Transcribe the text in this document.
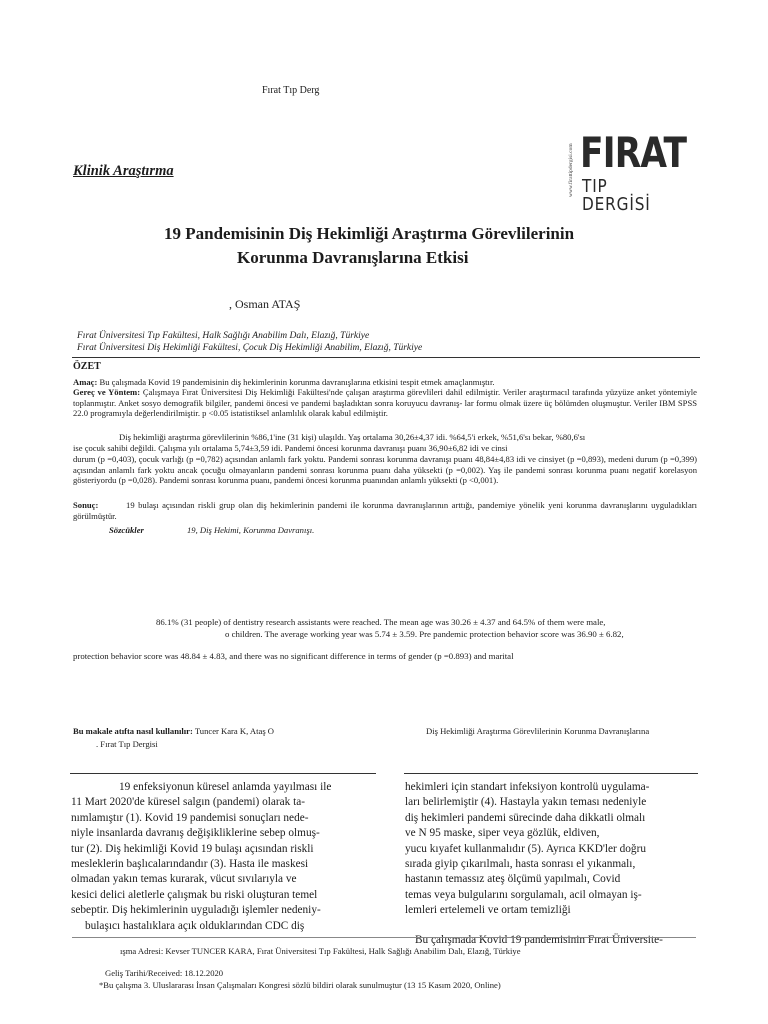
Fırat Tıp Derg
www.firattipdergisi.com FIRAT
TIP DERGİSİ
Klinik Araştırma
19 Pandemisinin Diş Hekimliği Araştırma Görevlilerinin
Korunma Davranışlarına Etkisi
, Osman ATAŞ
Fırat Üniversitesi Tıp Fakültesi, Halk Sağlığı Anabilim Dalı, Elazığ, Türkiye
Fırat Üniversitesi Diş Hekimliği Fakültesi, Çocuk Diş Hekimliği Anabilim, Elazığ, Türkiye
ÖZET
Amaç: Bu çalışmada Kovid 19 pandemisinin diş hekimlerinin korunma davranışlarına etkisini tespit etmek amaçlanmıştır.
Gereç ve Yöntem: Çalışmaya Fırat Üniversitesi Diş Hekimliği Fakültesi'nde çalışan araştırma görevlileri dahil edilmiştir. Veriler araştırmacıl tarafında yüzyüze anket yöntemiyle toplanmıştır. Anket sosyo demografik bilgiler, pandemi öncesi ve pandemi başladıktan sonra koruyucu davranış- lar formu olmak üzere üç bölümden oluşmuştur. Veriler IBM SPSS 22.0 programıyla değerlendirilmiştir. p <0.05 istatistiksel anlamlılık olarak kabul edilmiştir.
Diş hekimliği araştırma görevlilerinin %86,1'ine (31 kişi) ulaşıldı. Yaş ortalama 30,26±4,37 idi. %64,5'i erkek, %51,6'sı bekar, %80,6'sı
ise çocuk sahibi değildi. Çalışma yılı ortalama 5,74±3,59 idi. Pandemi öncesi korunma davranışı puanı 36,90±6,82 idi ve cinsi
durum (p =0,403), çocuk varlığı (p =0,782) açısından anlamlı fark yoktu. Pandemi sonrası korunma davranışı puanı 48,84±4,83 idi ve cinsiyet (p =0,893), medeni durum (p =0,399) açısından anlamlı fark yoktu ancak çocuğu olmayanların pandemi sonrası korunma puanı daha yüksekti (p =0,002). Yaş ile pandemi sonrası korunma puanı negatif korelasyon gösteriyordu (p =0,028). Pandemi sonrası korunma puanı, pandemi öncesi korunma puanından anlamlı yüksekti (p <0,001).
Sonuç:	19 bulaşı açısından riskli grup olan diş hekimlerinin pandemi ile korunma davranışlarının arttığı, pandemiye yönelik yeni korunma davranışlarını uyguladıkları görülmüştür.
Sözcükler	19, Diş Hekimi, Korunma Davranışı.
86.1% (31 people) of dentistry research assistants were reached. The mean age was 30.26 ± 4.37 and 64.5% of them were male,
o children. The average working year was 5.74 ± 3.59. Pre pandemic protection behavior score was 36.90 ± 6.82,
protection behavior score was 48.84 ± 4.83, and there was no significant difference in terms of gender (p =0.893) and marital
Bu makale atıfta nasıl kullanılır: Tuncer Kara K, Ataş O	Diş Hekimliği Araştırma Görevlilerinin Korunma Davranışlarına
. Fırat Tıp Dergisi

19 enfeksiyonun küresel anlamda yayılması ile

11 Mart 2020'de küresel salgın (pandemi) olarak ta-

nımlamıştır (1). Kovid 19 pandemisi sonuçları nede-

niyle insanlarda davranış değişikliklerine sebep olmuş-

tur (2). Diş hekimliği Kovid 19 bulaşı açısından riskli

mesleklerin başlıcalarındandır (3). Hasta ile maskesi

olmadan yakın temas kurarak, vücut sıvılarıyla ve

kesici delici aletlerle çalışmak bu riski oluşturan temel

sebeptir. Diş hekimlerinin uyguladığı işlemler nedeniy-

bulaşıcı hastalıklara açık olduklarından CDC diş

hekimleri için standart infeksiyon kontrolü uygulama-

ları belirlemiştir (4). Hastayla yakın teması nedeniyle

diş hekimleri pandemi sürecinde daha dikkatli olmalı

ve N 95 maske, siper veya gözlük, eldiven,

yucu kıyafet kullanmalıdır (5). Ayrıca KKD'ler doğru

sırada giyip çıkarılmalı, hasta sonrası el yıkanmalı,

hastanın temassız ateş ölçümü yapılmalı, Covid

temas veya bulgularını sorgulamalı, acil olmayan iş-

lemleri ertelemeli ve ortam temizliği

Bu çalışmada Kovid 19 pandemisinin Fırat Üniversite-

ışma Adresi: Kevser TUNCER KARA, Fırat Üniversitesi Tıp Fakültesi, Halk Sağlığı Anabilim Dalı, Elazığ, Türkiye
Geliş Tarihi/Received: 18.12.2020
*Bu çalışma 3. Uluslararası İnsan Çalışmaları Kongresi sözlü bildiri olarak sunulmuştur (13 15 Kasım 2020, Online)
